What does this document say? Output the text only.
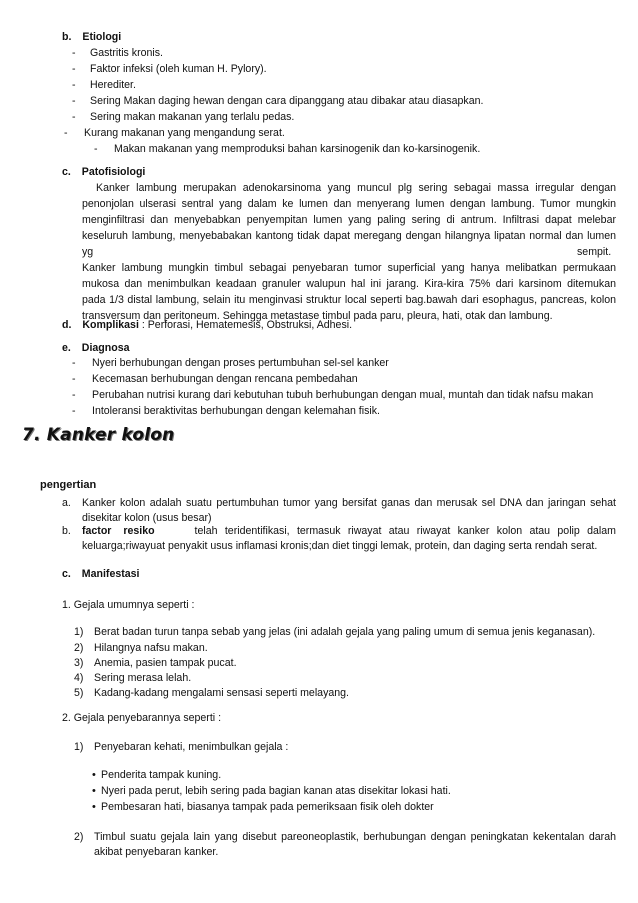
b. Etiologi
- Gastritis kronis.
- Faktor infeksi (oleh kuman H. Pylory).
- Herediter.
- Sering Makan daging hewan dengan cara dipanggang atau dibakar atau diasapkan.
- Sering makan makanan yang terlalu pedas.
- Kurang makanan yang mengandung serat.
- Makan makanan yang memproduksi bahan karsinogenik dan ko-karsinogenik.
c. Patofisiologi
Kanker lambung merupakan adenokarsinoma yang muncul plg sering sebagai massa irregular dengan
penonjolan ulserasi sentral yang dalam ke lumen dan menyerang lumen dengan lambung. Tumor mungkin
menginfiltrasi dan menyebabkan penyempitan lumen yang paling sering di antrum. Infiltrasi dapat melebar
keseluruh lambung, menyebabakan kantong tidak dapat meregang dengan hilangnya lipatan normal dan lumen
yg	sempit.
Kanker lambung mungkin timbul sebagai penyebaran tumor superficial yang hanya melibatkan permukaan
mukosa dan menimbulkan keadaan granuler walupun hal ini jarang. Kira-kira 75% dari karsinom ditemukan
pada 1/3 distal lambung, selain itu menginvasi struktur local seperti bag.bawah dari esophagus, pancreas, kolon
transversum dan peritoneum. Sehingga metastase timbul pada paru, pleura, hati, otak dan lambung.
d. Komplikasi : Perforasi, Hematemesis, Obstruksi, Adhesi.
e. Diagnosa
- Nyeri berhubungan dengan proses pertumbuhan sel-sel kanker
- Kecemasan berhubungan dengan rencana pembedahan
- Perubahan nutrisi kurang dari kebutuhan tubuh berhubungan dengan mual, muntah dan tidak nafsu makan
- Intoleransi beraktivitas berhubungan dengan kelemahan fisik.
7. Kanker kolon
pengertian
a. Kanker kolon adalah suatu pertumbuhan tumor yang bersifat ganas dan merusak sel DNA dan jaringan sehat
disekitar kolon (usus besar)
b. factor resiko	telah teridentifikasi, termasuk riwayat atau riwayat kanker kolon atau polip dalam
keluarga;riwayuat penyakit usus inflamasi kronis;dan diet tinggi lemak, protein, dan daging serta rendah serat.
c. Manifestasi
1. Gejala umumnya seperti :
1) Berat badan turun tanpa sebab yang jelas (ini adalah gejala yang paling umum di semua jenis keganasan).
2) Hilangnya nafsu makan.
3) Anemia, pasien tampak pucat.
4) Sering merasa lelah.
5) Kadang-kadang mengalami sensasi seperti melayang.
2. Gejala penyebarannya seperti :
1) Penyebaran kehati, menimbulkan gejala :
• Penderita tampak kuning.
• Nyeri pada perut, lebih sering pada bagian kanan atas disekitar lokasi hati.
• Pembesaran hati, biasanya tampak pada pemeriksaan fisik oleh dokter
2) Timbul suatu gejala lain yang disebut pareoneoplastik, berhubungan dengan peningkatan kekentalan darah
akibat penyebaran kanker.
